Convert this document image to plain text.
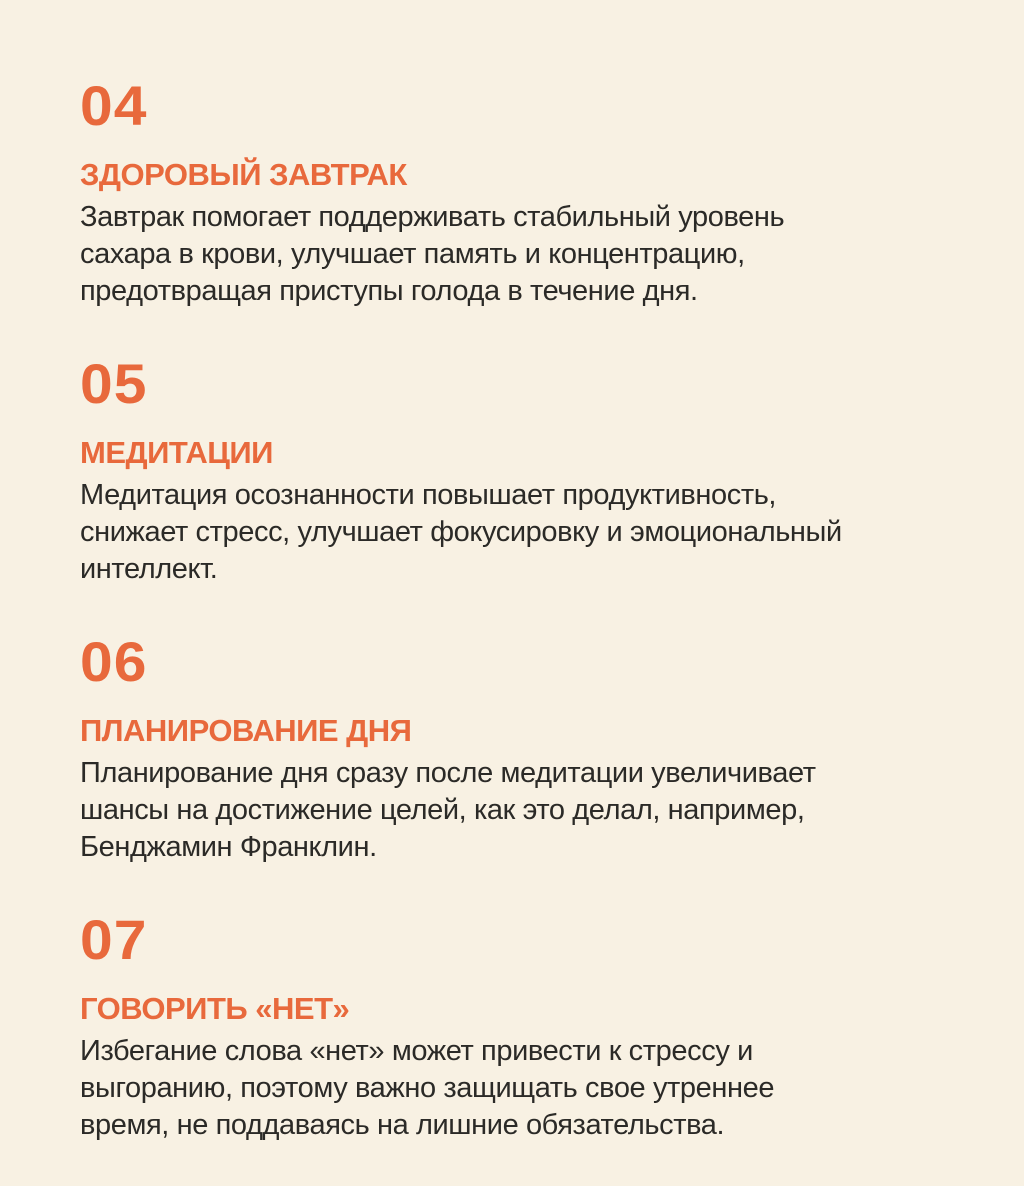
04
ЗДОРОВЫЙ ЗАВТРАК
Завтрак помогает поддерживать стабильный уровень
сахара в крови, улучшает память и концентрацию,
предотвращая приступы голода в течение дня.
05
МЕДИТАЦИИ
Медитация осознанности повышает продуктивность,
снижает стресс, улучшает фокусировку и эмоциональный
интеллект.
06
ПЛАНИРОВАНИЕ ДНЯ
Планирование дня сразу после медитации увеличивает
шансы на достижение целей, как это делал, например,
Бенджамин Франклин.
07
ГОВОРИТЬ «НЕТ»
Избегание слова «нет» может привести к стрессу и
выгоранию, поэтому важно защищать свое утреннее
время, не поддаваясь на лишние обязательства.
